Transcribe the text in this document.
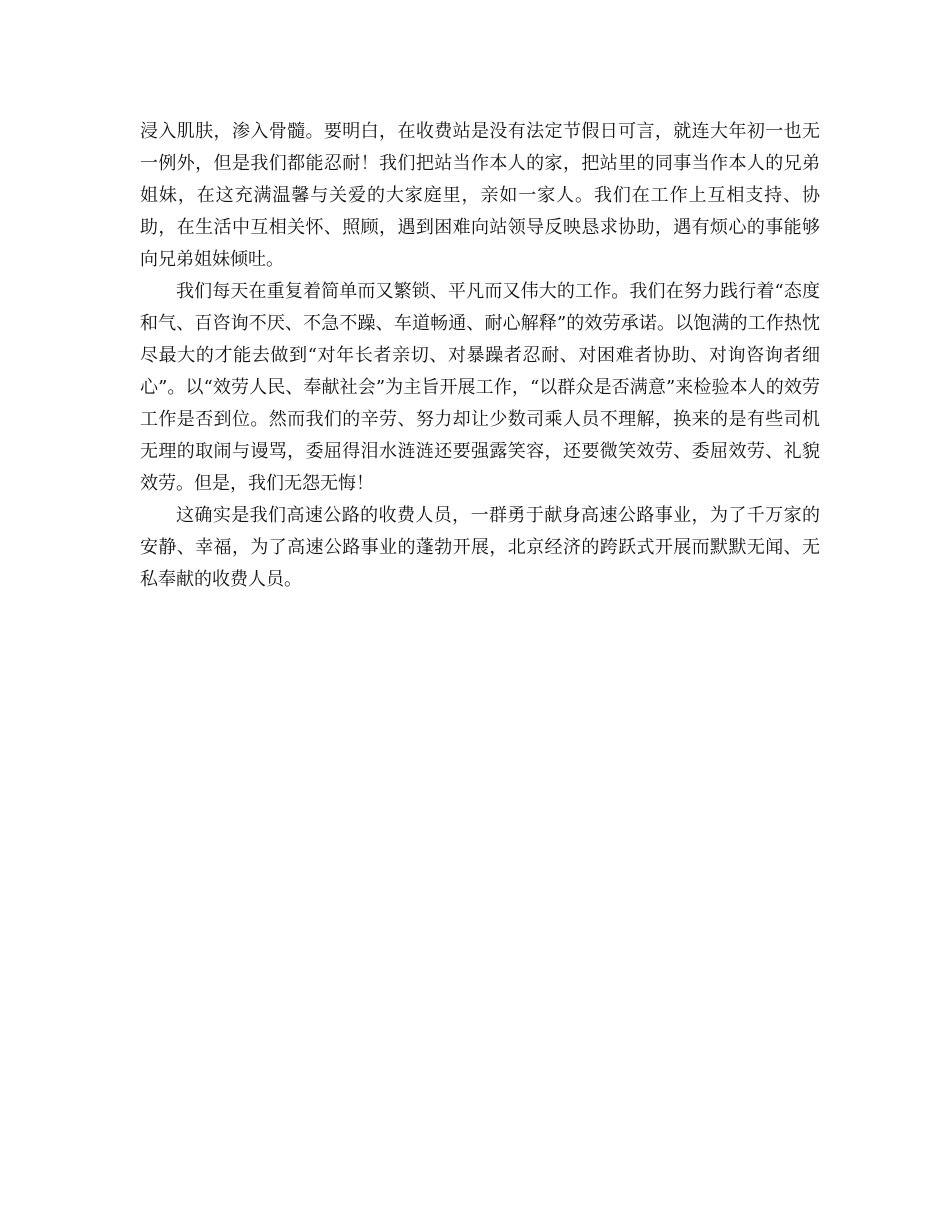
浸入肌肤，渗入骨髓。要明白，在收费站是没有法定节假日可言，就连大年初一也无一例外，但是我们都能忍耐！我们把站当作本人的家，把站里的同事当作本人的兄弟姐妹，在这充满温馨与关爱的大家庭里，亲如一家人。我们在工作上互相支持、协助，在生活中互相关怀、照顾，遇到困难向站领导反映恳求协助，遇有烦心的事能够向兄弟姐妹倾吐。

我们每天在重复着简单而又繁锁、平凡而又伟大的工作。我们在努力践行着“态度和气、百咨询不厌、不急不躁、车道畅通、耐心解释”的效劳承诺。以饱满的工作热忱尽最大的才能去做到“对年长者亲切、对暴躁者忍耐、对困难者协助、对询咨询者细心”。以“效劳人民、奉献社会”为主旨开展工作，“以群众是否满意”来检验本人的效劳工作是否到位。然而我们的辛劳、努力却让少数司乘人员不理解，换来的是有些司机无理的取闹与谩骂，委屈得泪水涟涟还要强露笑容，还要微笑效劳、委屈效劳、礼貌效劳。但是，我们无怨无悔！

这确实是我们高速公路的收费人员，一群勇于献身高速公路事业，为了千万家的安静、幸福，为了高速公路事业的蓬勃开展，北京经济的跨跃式开展而默默无闻、无私奉献的收费人员。
